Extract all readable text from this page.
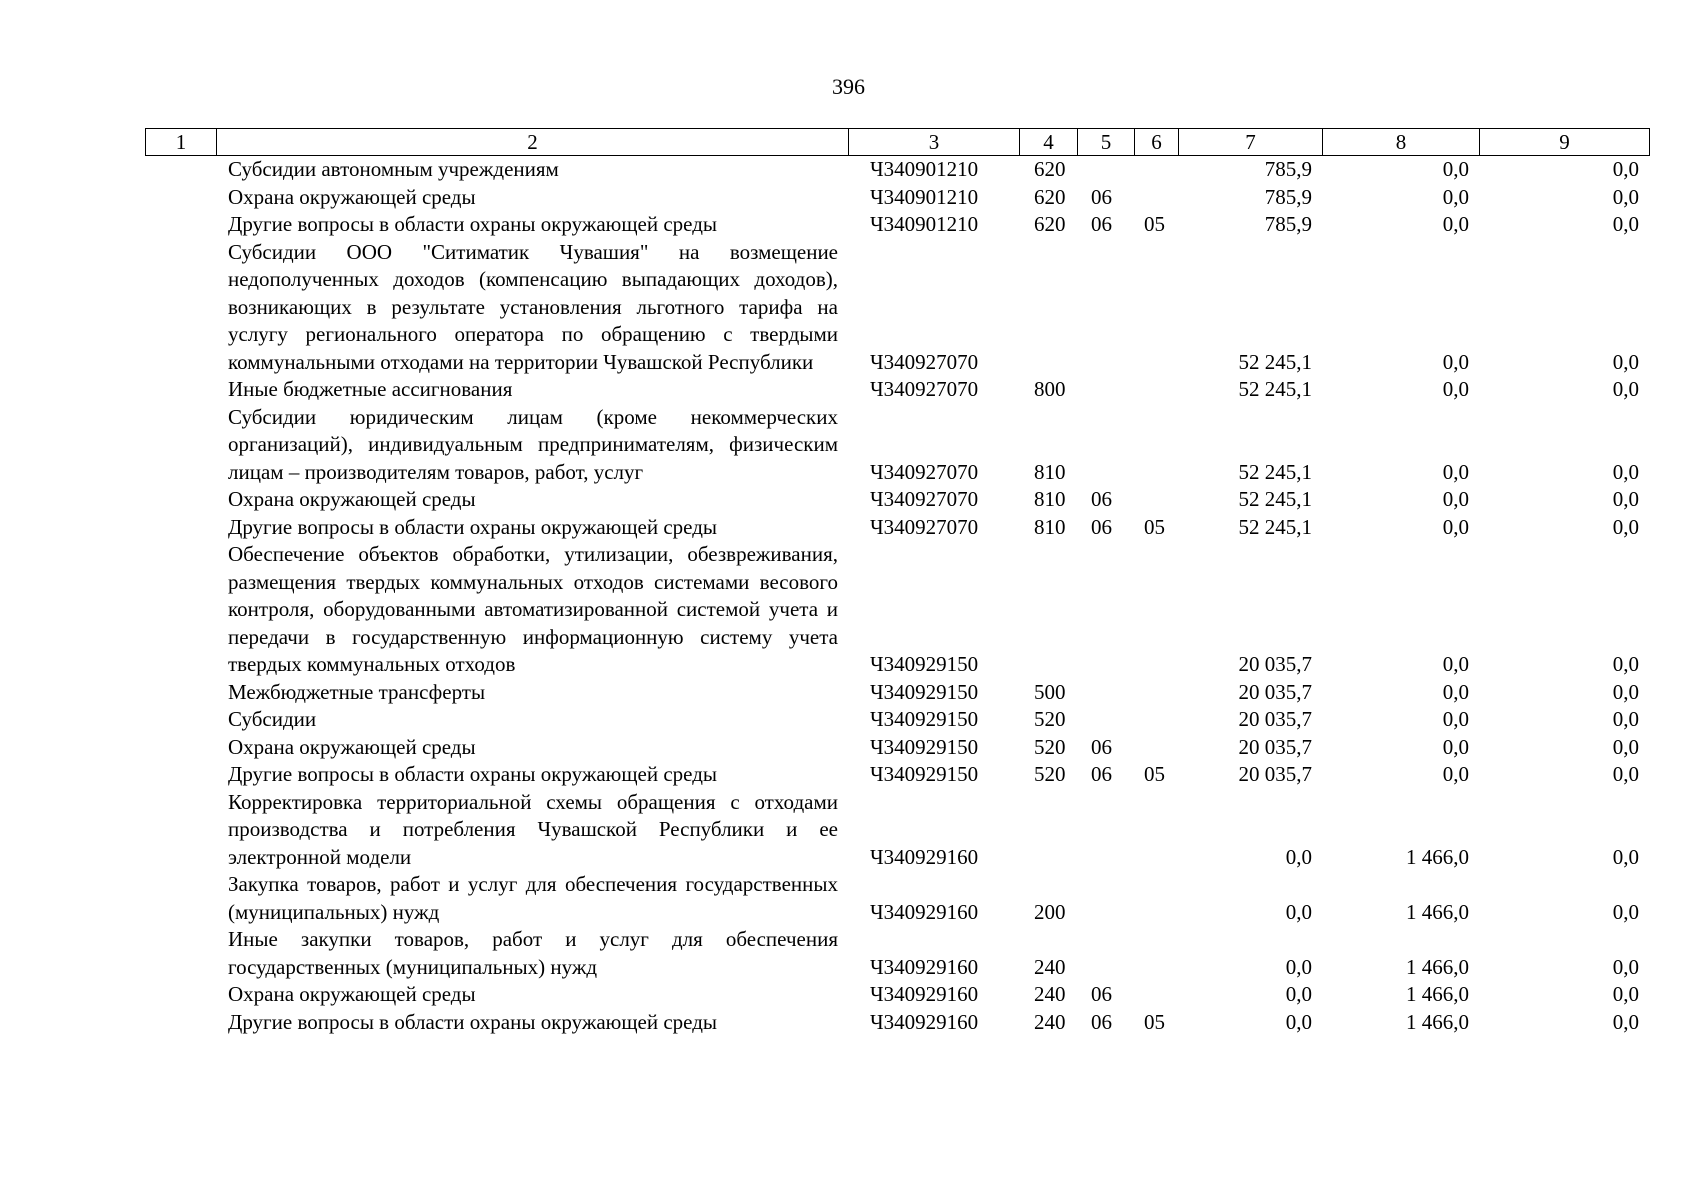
396
1	2	3	4	5	6	7	8	9
Субсидии автономным учреждениям	Ч340901210	620			785,9	0,0	0,0
Охрана окружающей среды	Ч340901210	620	06		785,9	0,0	0,0
Другие вопросы в области охраны окружающей среды	Ч340901210	620	06	05	785,9	0,0	0,0
Субсидии ООО "Ситиматик Чувашия" на возмещение недополученных доходов (компенсацию выпадающих доходов), возникающих в результате установления льготного тарифа на услугу регионального оператора по обращению с твердыми коммунальными отходами на территории Чувашской Республики	Ч340927070				52 245,1	0,0	0,0
Иные бюджетные ассигнования	Ч340927070	800			52 245,1	0,0	0,0
Субсидии юридическим лицам (кроме некоммерческих организаций), индивидуальным предпринимателям, физическим лицам – производителям товаров, работ, услуг	Ч340927070	810			52 245,1	0,0	0,0
Охрана окружающей среды	Ч340927070	810	06		52 245,1	0,0	0,0
Другие вопросы в области охраны окружающей среды	Ч340927070	810	06	05	52 245,1	0,0	0,0
Обеспечение объектов обработки, утилизации, обезвреживания, размещения твердых коммунальных отходов системами весового контроля, оборудованными автоматизированной системой учета и передачи в государственную информационную систему учета твердых коммунальных отходов	Ч340929150				20 035,7	0,0	0,0
Межбюджетные трансферты	Ч340929150	500			20 035,7	0,0	0,0
Субсидии	Ч340929150	520			20 035,7	0,0	0,0
Охрана окружающей среды	Ч340929150	520	06		20 035,7	0,0	0,0
Другие вопросы в области охраны окружающей среды	Ч340929150	520	06	05	20 035,7	0,0	0,0
Корректировка территориальной схемы обращения с отходами производства и потребления Чувашской Республики и ее электронной модели	Ч340929160				0,0	1 466,0	0,0
Закупка товаров, работ и услуг для обеспечения государственных (муниципальных) нужд	Ч340929160	200			0,0	1 466,0	0,0
Иные закупки товаров, работ и услуг для обеспечения государственных (муниципальных) нужд	Ч340929160	240			0,0	1 466,0	0,0
Охрана окружающей среды	Ч340929160	240	06		0,0	1 466,0	0,0
Другие вопросы в области охраны окружающей среды	Ч340929160	240	06	05	0,0	1 466,0	0,0
